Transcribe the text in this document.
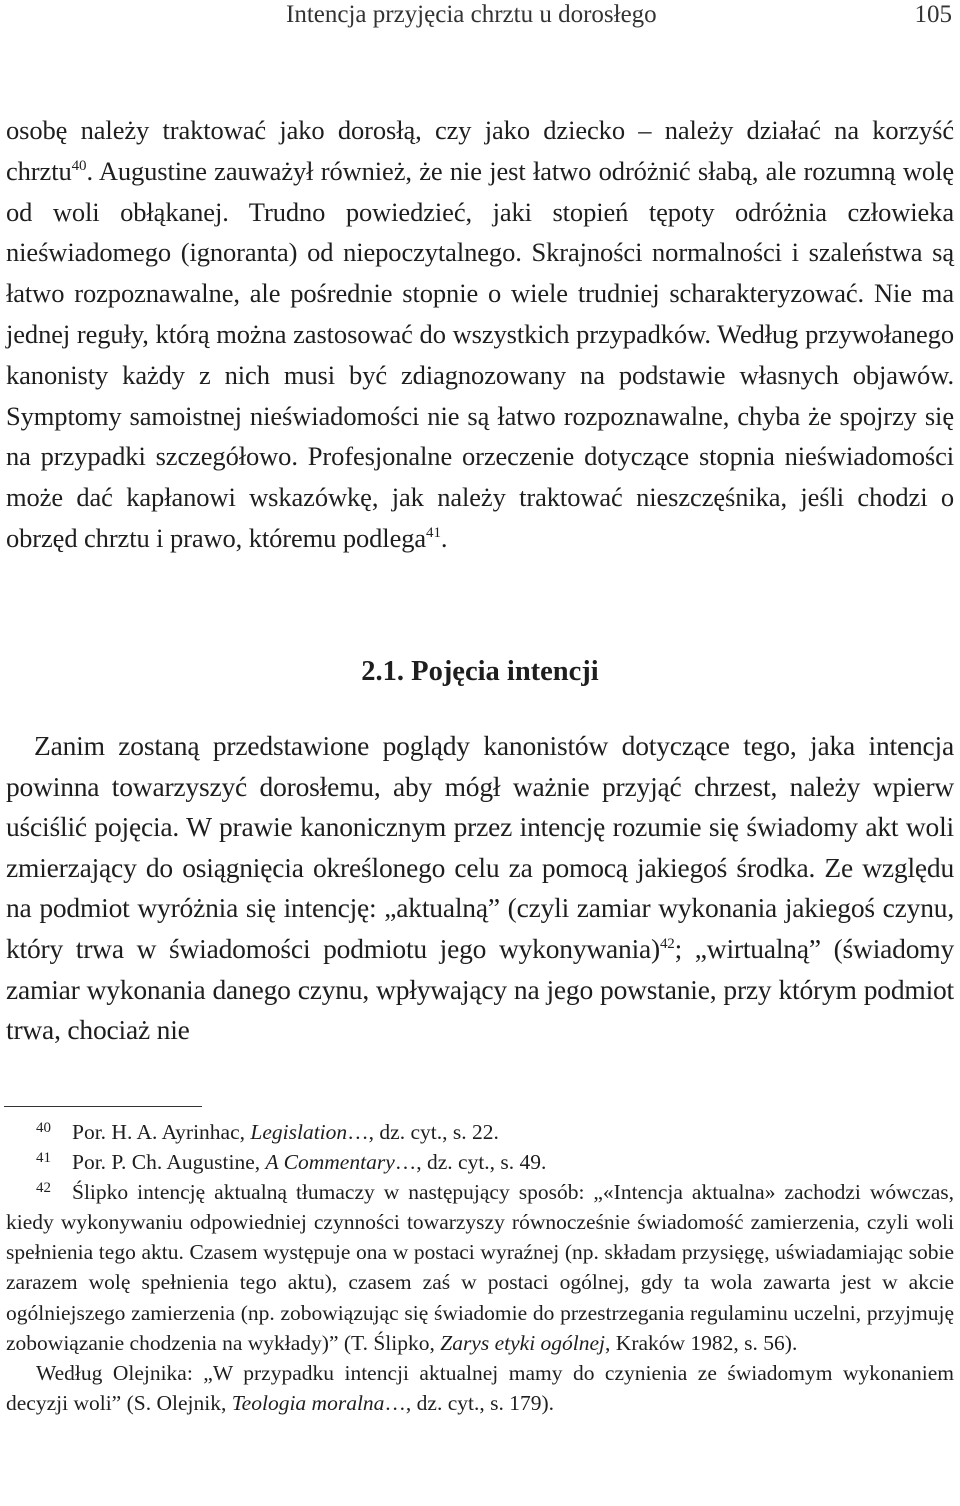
Intencja przyjęcia chrztu u dorosłego	105

osobę należy traktować jako dorosłą, czy jako dziecko – należy działać na korzyść chrztu$^{40}$. Augustine zauważył również, że nie jest łatwo odróżnić słabą, ale rozumną wolę od woli obłąkanej. Trudno powiedzieć, jaki stopień tępoty odróżnia człowieka nieświadomego (ignoranta) od niepoczytalnego. Skrajności normalności i szaleństwa są łatwo rozpoznawalne, ale pośrednie stopnie o wiele trudniej scharakteryzować. Nie ma jednej reguły, którą można zastosować do wszystkich przypadków. Według przywołanego kanonisty każdy z nich musi być zdiagnozowany na podstawie własnych objawów. Symptomy samoistnej nieświadomości nie są łatwo rozpoznawalne, chyba że spojrzy się na przypadki szczegółowo. Profesjonalne orzeczenie dotyczące stopnia nieświadomości może dać kapłanowi wskazówkę, jak należy traktować nieszczęśnika, jeśli chodzi o obrzęd chrztu i prawo, któremu podlega$^{41}$.

2.1. Pojęcia intencji

Zanim zostaną przedstawione poglądy kanonistów dotyczące tego, jaka intencja powinna towarzyszyć dorosłemu, aby mógł ważnie przyjąć chrzest, należy wpierw uściślić pojęcia. W prawie kanonicznym przez intencję rozumie się świadomy akt woli zmierzający do osiągnięcia określonego celu za pomocą jakiegoś środka. Ze względu na podmiot wyróżnia się intencję: „aktualną” (czyli zamiar wykonania jakiegoś czynu, który trwa w świadomości podmiotu jego wykonywania)$^{42}$; „wirtualną” (świadomy zamiar wykonania danego czynu, wpływający na jego powstanie, przy którym podmiot trwa, chociaż nie

40 Por. H. A. Ayrinhac, Legislation…, dz. cyt., s. 22.

41 Por. P. Ch. Augustine, A Commentary…, dz. cyt., s. 49.

42 Ślipko intencję aktualną tłumaczy w następujący sposób: „«Intencja aktualna» zachodzi wówczas, kiedy wykonywaniu odpowiedniej czynności towarzyszy równocześnie świadomość zamierzenia, czyli woli spełnienia tego aktu. Czasem występuje ona w postaci wyraźnej (np. składam przysięgę, uświadamiając sobie zarazem wolę spełnienia tego aktu), czasem zaś w postaci ogólnej, gdy ta wola zawarta jest w akcie ogólniejszego zamierzenia (np. zobowiązując się świadomie do przestrzegania regulaminu uczelni, przyjmuję zobowiązanie chodzenia na wykłady)” (T. Ślipko, Zarys etyki ogólnej, Kraków 1982, s. 56).

Według Olejnika: „W przypadku intencji aktualnej mamy do czynienia ze świadomym wykonaniem decyzji woli” (S. Olejnik, Teologia moralna…, dz. cyt., s. 179).
